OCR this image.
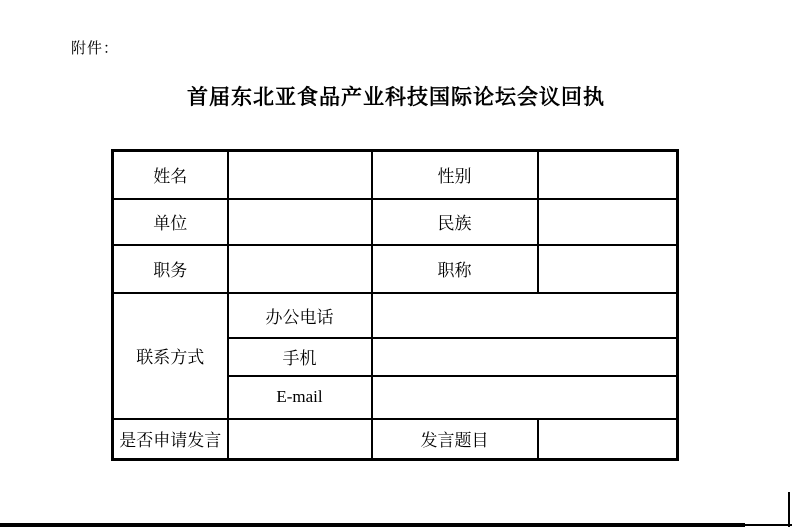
附件：
首届东北亚食品产业科技国际论坛会议回执
姓名		性别	
单位		民族	
职务		职称	
联系方式	办公电话		
	手机		
	E-mail		
是否申请发言		发言题目	
